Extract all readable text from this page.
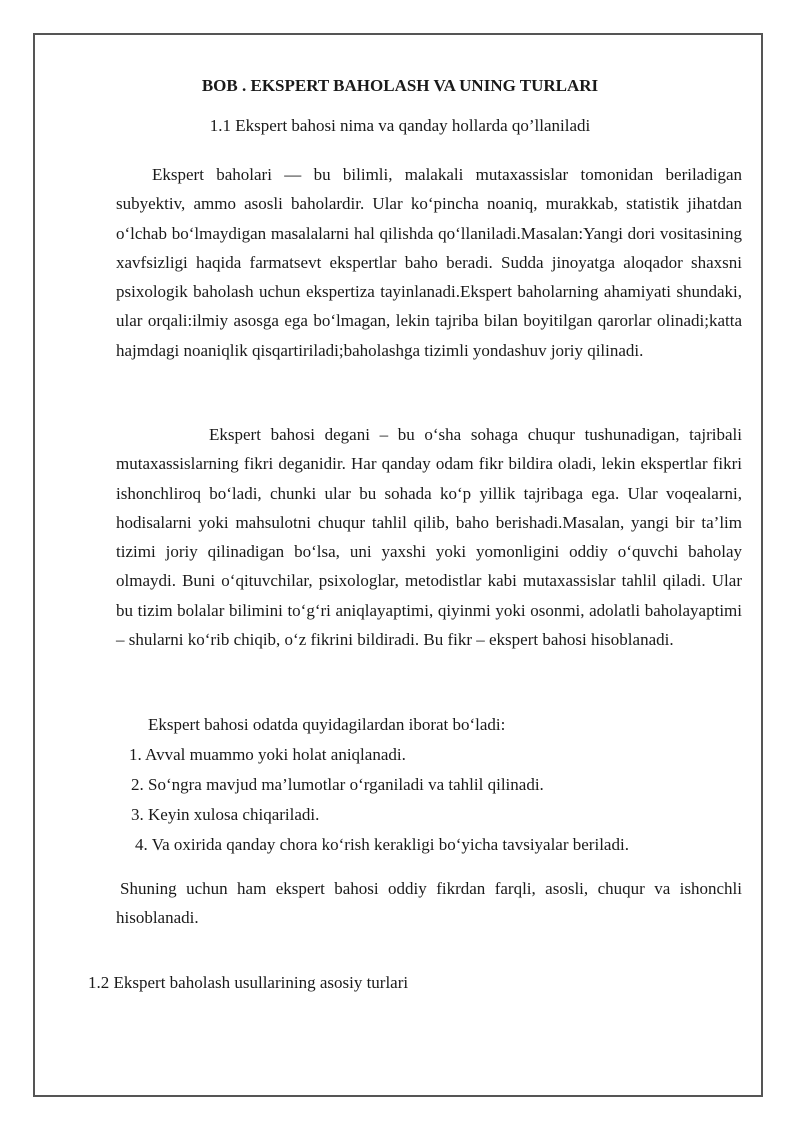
BOB . EKSPERT BAHOLASH VA UNING TURLARI
1.1 Ekspert bahosi nima va qanday hollarda qo’llaniladi

Ekspert baholari — bu bilimli, malakali mutaxassislar tomonidan beriladigan subyektiv, ammo asosli baholardir. Ular ko‘pincha noaniq, murakkab, statistik jihatdan o‘lchab bo‘lmaydigan masalalarni hal qilishda qo‘llaniladi.Masalan:Yangi dori vositasining xavfsizligi haqida farmatsevt ekspertlar baho beradi. Sudda jinoyatga aloqador shaxsni psixologik baholash uchun ekspertiza tayinlanadi.Ekspert baholarning ahamiyati shundaki, ular orqali:ilmiy asosga ega bo‘lmagan, lekin tajriba bilan boyitilgan qarorlar olinadi;katta hajmdagi noaniqlik qisqartiriladi;baholashga tizimli yondashuv joriy qilinadi.

Ekspert bahosi degani – bu o‘sha sohaga chuqur tushunadigan, tajribali mutaxassislarning fikri deganidir. Har qanday odam fikr bildira oladi, lekin ekspertlar fikri ishonchliroq bo‘ladi, chunki ular bu sohada ko‘p yillik tajribaga ega. Ular voqealarni, hodisalarni yoki mahsulotni chuqur tahlil qilib, baho berishadi.Masalan, yangi bir ta’lim tizimi joriy qilinadigan bo‘lsa, uni yaxshi yoki yomonligini oddiy o‘quvchi baholay olmaydi. Buni o‘qituvchilar, psixologlar, metodistlar kabi mutaxassislar tahlil qiladi. Ular bu tizim bolalar bilimini to‘g‘ri aniqlayaptimi, qiyinmi yoki osonmi, adolatli baholayaptimi – shularni ko‘rib chiqib, o‘z fikrini bildiradi. Bu fikr – ekspert bahosi hisoblanadi.

Ekspert bahosi odatda quyidagilardan iborat bo‘ladi:

1. Avval muammo yoki holat aniqlanadi.

2. So‘ngra mavjud ma’lumotlar o‘rganiladi va tahlil qilinadi.

3. Keyin xulosa chiqariladi.

4. Va oxirida qanday chora ko‘rish kerakligi bo‘yicha tavsiyalar beriladi.

Shuning uchun ham ekspert bahosi oddiy fikrdan farqli, asosli, chuqur va ishonchli hisoblanadi.

1.2 Ekspert baholash usullarining asosiy turlari
